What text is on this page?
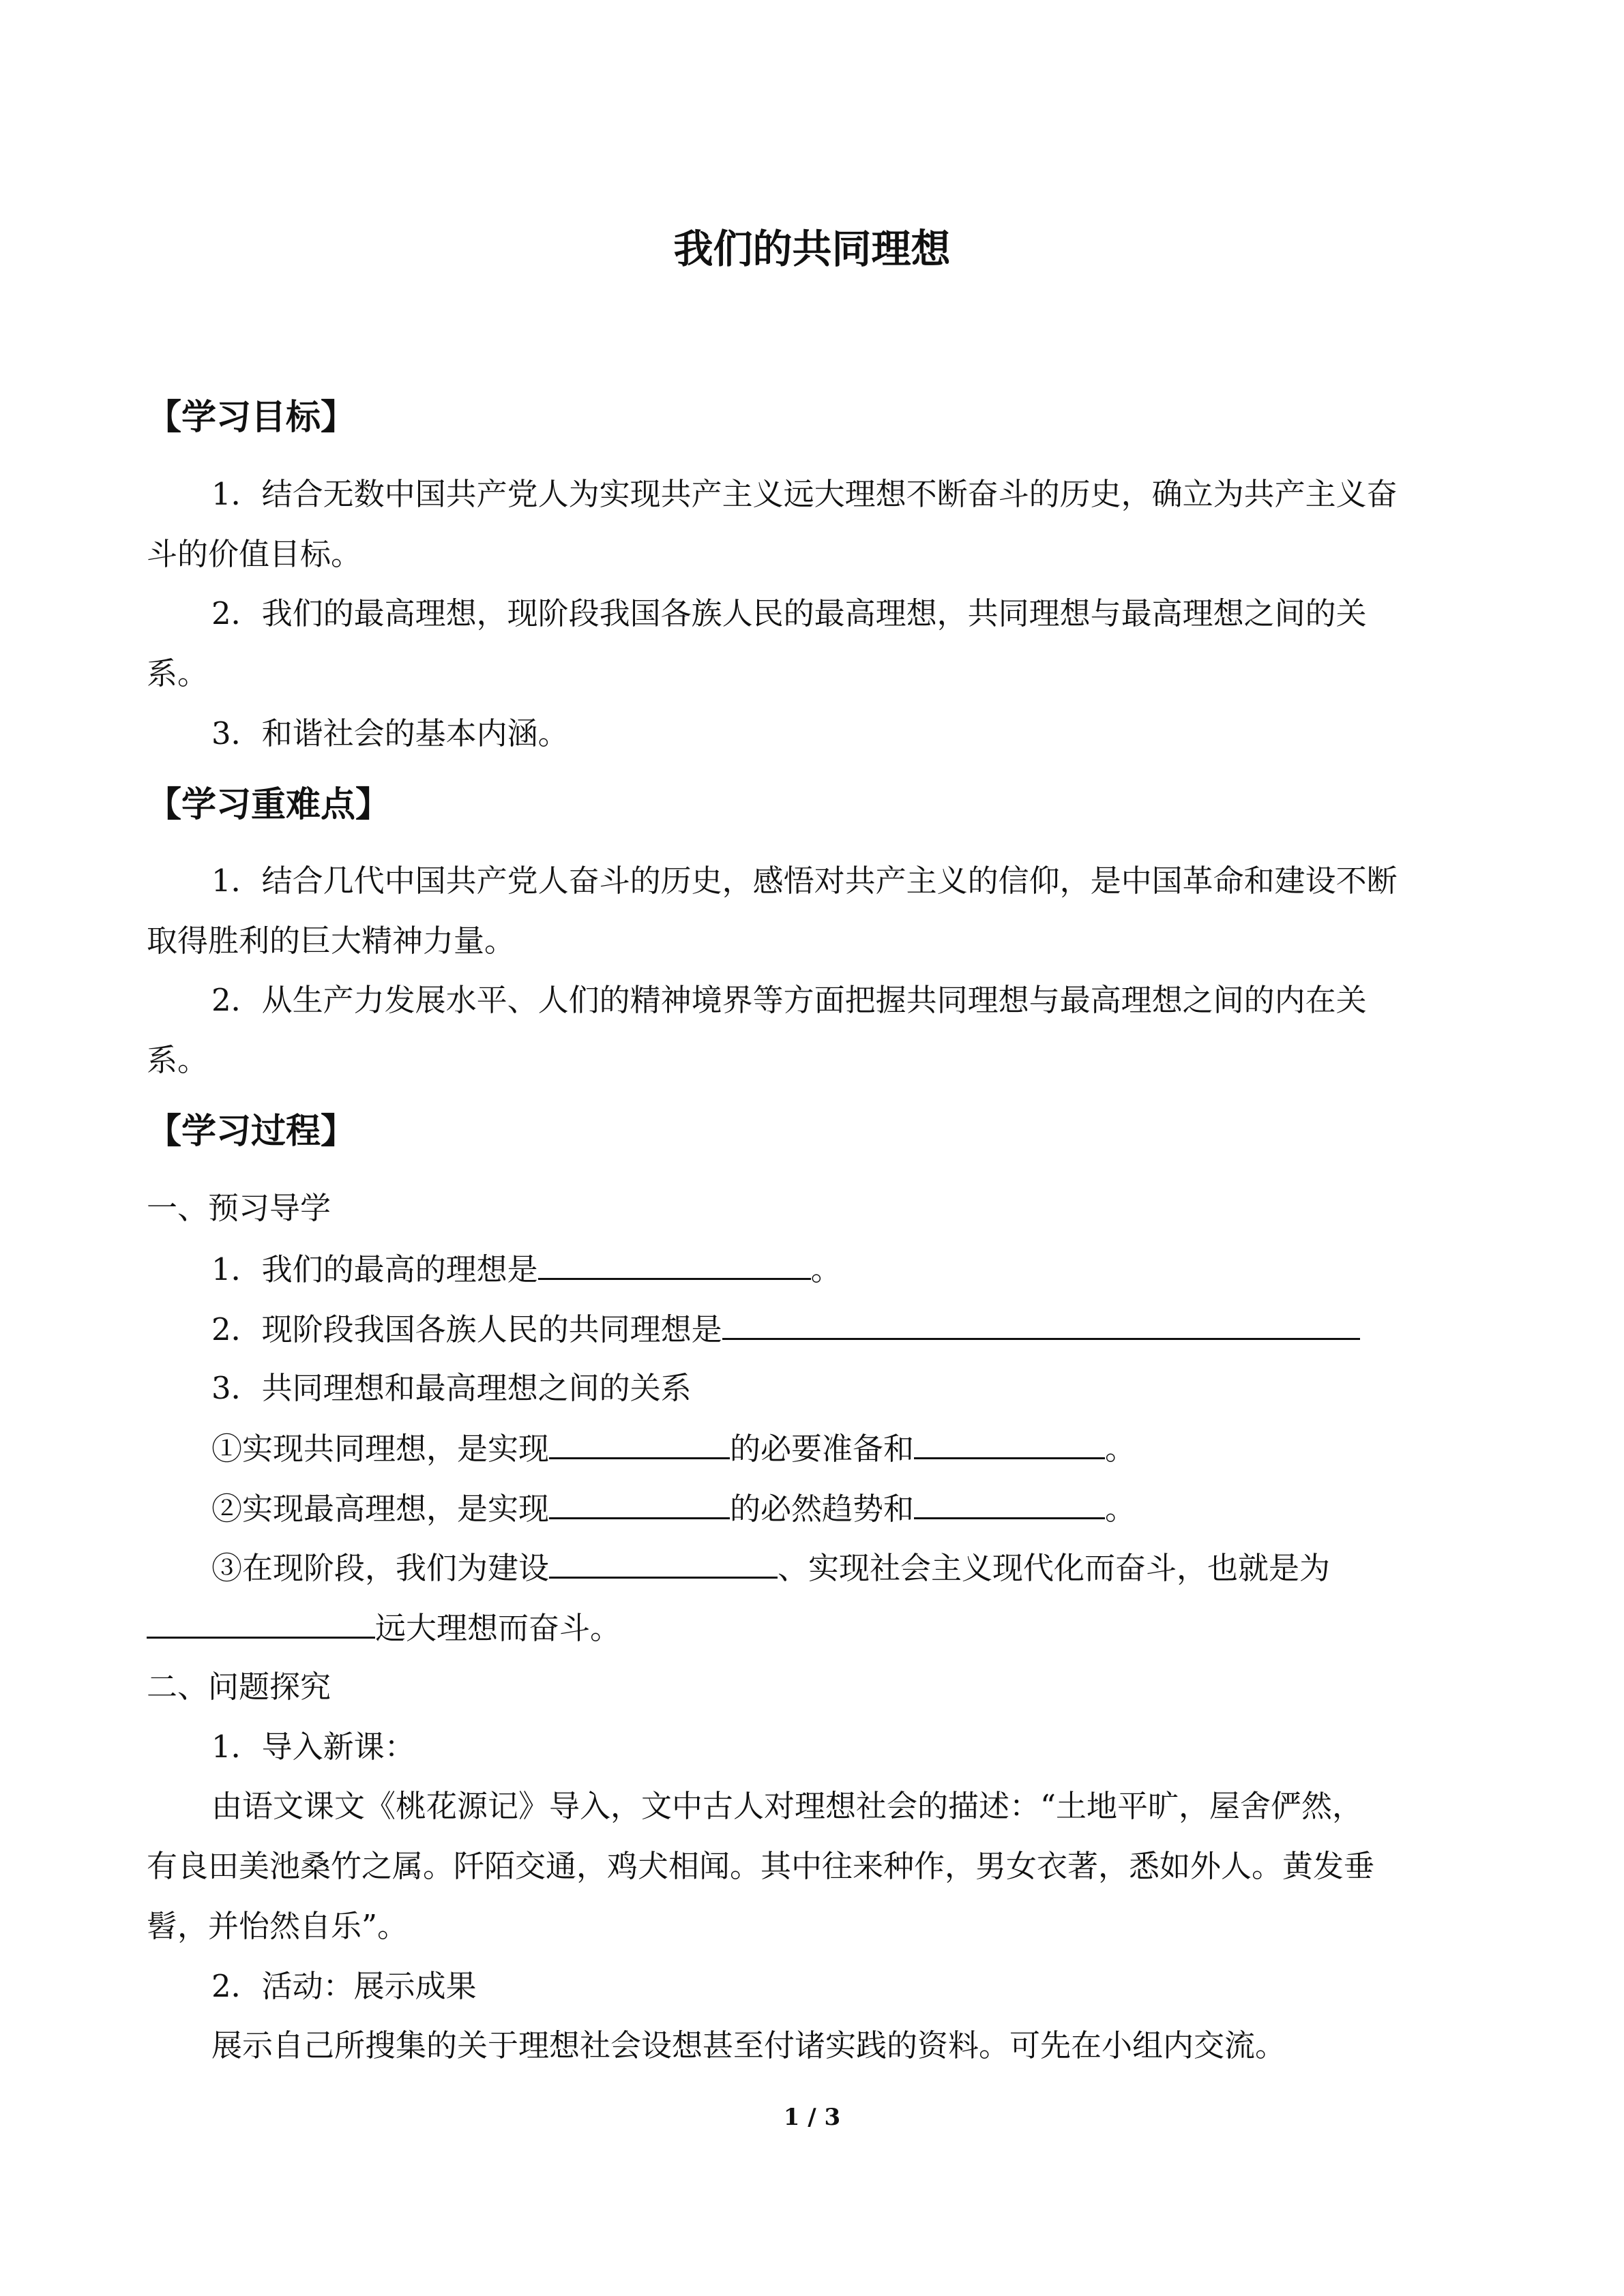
我们的共同理想
【学习目标】
1．结合无数中国共产党人为实现共产主义远大理想不断奋斗的历史，确立为共产主义奋
斗的价值目标。
2．我们的最高理想，现阶段我国各族人民的最高理想，共同理想与最高理想之间的关
系。
3．和谐社会的基本内涵。
【学习重难点】
1．结合几代中国共产党人奋斗的历史，感悟对共产主义的信仰，是中国革命和建设不断
取得胜利的巨大精神力量。
2．从生产力发展水平、人们的精神境界等方面把握共同理想与最高理想之间的内在关
系。
【学习过程】
一、预习导学
1．我们的最高的理想是	。
2．现阶段我国各族人民的共同理想是
3．共同理想和最高理想之间的关系
①实现共同理想，是实现	的必要准备和	。
②实现最高理想，是实现	的必然趋势和	。
③在现阶段，我们为建设	、实现社会主义现代化而奋斗，也就是为
远大理想而奋斗。
二、问题探究
1．导入新课：
由语文课文《桃花源记》导入，文中古人对理想社会的描述：“土地平旷，屋舍俨然，
有良田美池桑竹之属。阡陌交通，鸡犬相闻。其中往来种作，男女衣著，悉如外人。黄发垂
髫，并怡然自乐”。
2．活动：展示成果
展示自己所搜集的关于理想社会设想甚至付诸实践的资料。可先在小组内交流。
1 / 3
